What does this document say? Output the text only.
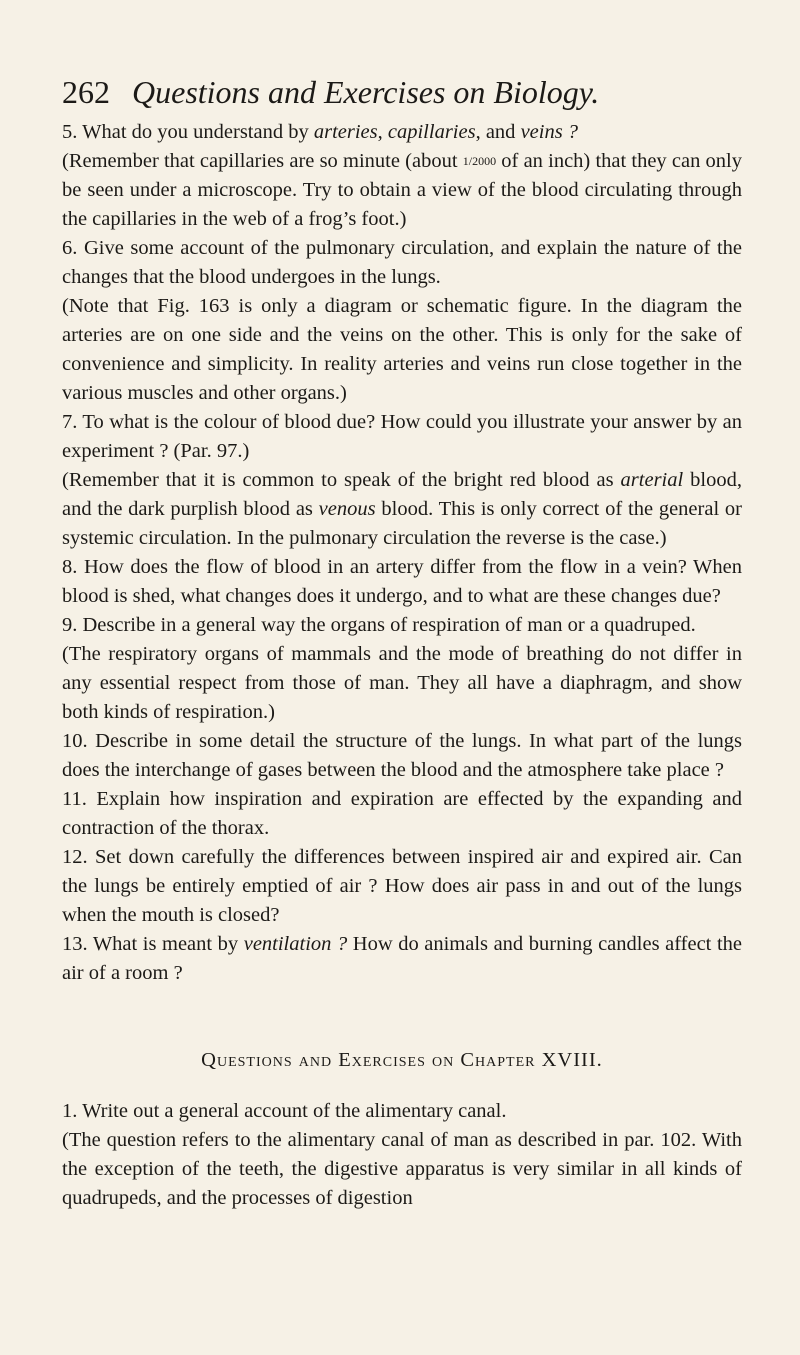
262 Questions and Exercises on Biology.

5. What do you understand by arteries, capillaries, and veins ?

(Remember that capillaries are so minute (about 1/2000 of an inch) that they can only be seen under a microscope. Try to obtain a view of the blood circulating through the capillaries in the web of a frog’s foot.)

6. Give some account of the pulmonary circulation, and explain the nature of the changes that the blood undergoes in the lungs.

(Note that Fig. 163 is only a diagram or schematic figure. In the diagram the arteries are on one side and the veins on the other. This is only for the sake of convenience and simplicity. In reality arteries and veins run close together in the various muscles and other organs.)

7. To what is the colour of blood due? How could you illustrate your answer by an experiment ? (Par. 97.)

(Remember that it is common to speak of the bright red blood as arterial blood, and the dark purplish blood as venous blood. This is only correct of the general or systemic circulation. In the pulmonary circulation the reverse is the case.)

8. How does the flow of blood in an artery differ from the flow in a vein? When blood is shed, what changes does it undergo, and to what are these changes due?

9. Describe in a general way the organs of respiration of man or a quadruped.

(The respiratory organs of mammals and the mode of breathing do not differ in any essential respect from those of man. They all have a diaphragm, and show both kinds of respiration.)

10. Describe in some detail the structure of the lungs. In what part of the lungs does the interchange of gases between the blood and the atmosphere take place ?

11. Explain how inspiration and expiration are effected by the expanding and contraction of the thorax.

12. Set down carefully the differences between inspired air and expired air. Can the lungs be entirely emptied of air ? How does air pass in and out of the lungs when the mouth is closed?

13. What is meant by ventilation ? How do animals and burning candles affect the air of a room ?

Questions and Exercises on Chapter XVIII.

1. Write out a general account of the alimentary canal.

(The question refers to the alimentary canal of man as described in par. 102. With the exception of the teeth, the digestive apparatus is very similar in all kinds of quadrupeds, and the processes of digestion
